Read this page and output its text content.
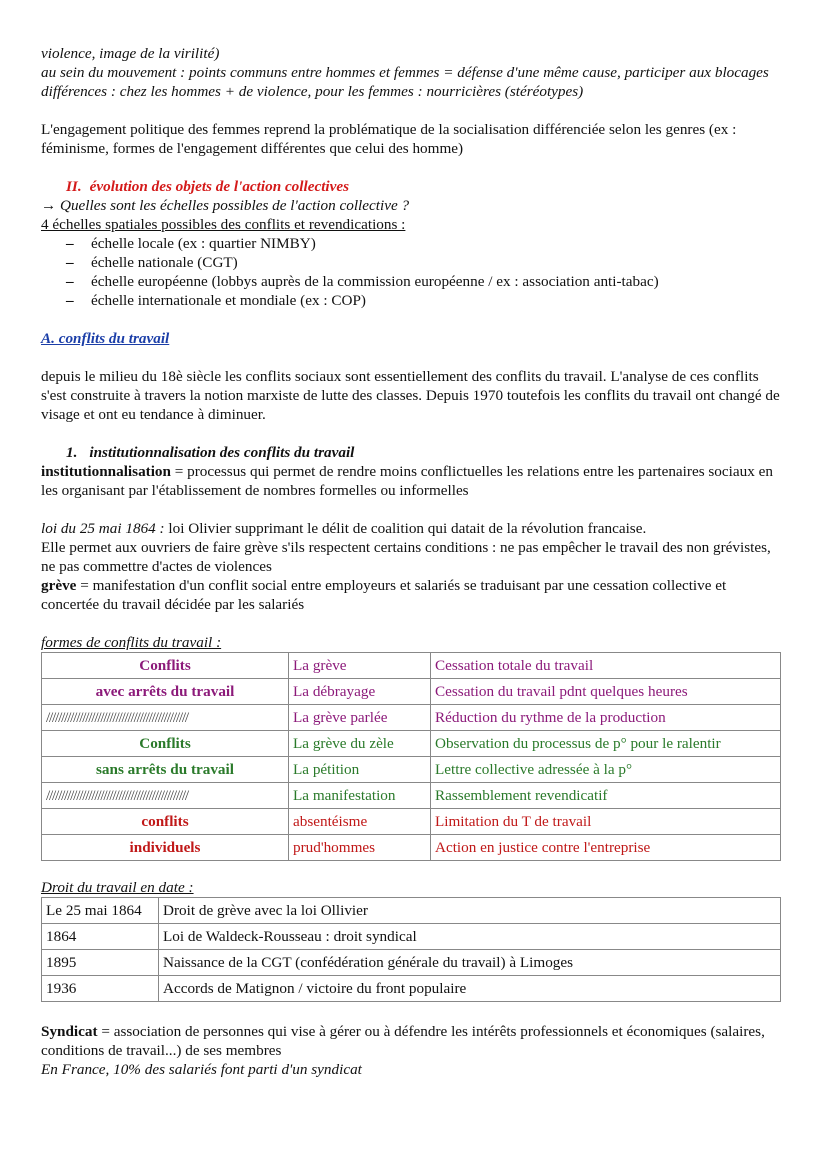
violence, image de la virilité)

au sein du mouvement : points communs entre hommes et femmes = défense d'une même cause, participer aux blocages

différences : chez les hommes + de violence, pour les femmes : nourricières (stéréotypes)

L'engagement politique des femmes reprend la problématique de la socialisation différenciée selon les genres (ex : féminisme, formes de l'engagement différentes que celui des homme)

II. évolution des objets de l'action collectives

→ Quelles sont les échelles possibles de l'action collective ?

4 échelles spatiales possibles des conflits et revendications :

– échelle locale (ex : quartier NIMBY)
– échelle nationale (CGT)
– échelle européenne (lobbys auprès de la commission européenne / ex : association anti-tabac)
– échelle internationale et mondiale (ex : COP)

A. conflits du travail

depuis le milieu du 18è siècle les conflits sociaux sont essentiellement des conflits du travail. L'analyse de ces conflits s'est construite à travers la notion marxiste de lutte des classes. Depuis 1970 toutefois les conflits du travail ont changé de visage et ont eu tendance à diminuer.

1. institutionnalisation des conflits du travail

institutionnalisation = processus qui permet de rendre moins conflictuelles les relations entre les partenaires sociaux en les organisant par l'établissement de nombres formelles ou informelles

loi du 25 mai 1864 : loi Olivier supprimant le délit de coalition qui datait de la révolution francaise.

Elle permet aux ouvriers de faire grève s'ils respectent certains conditions : ne pas empêcher le travail des non grévistes, ne pas commettre d'actes de violences

grève = manifestation d'un conflit social entre employeurs et salariés se traduisant par une cessation collective et concertée du travail décidée par les salariés

formes de conflits du travail :

Conflits	La grève	Cessation totale du travail
avec arrêts du travail	La débrayage	Cessation du travail pdnt quelques heures
///////////////////////////////////////////////	La grève parlée	Réduction du rythme de la production
Conflits	La grève du zèle	Observation du processus de p° pour le ralentir
sans arrêts du travail	La pétition	Lettre collective adressée à la p°
///////////////////////////////////////////////	La manifestation	Rassemblement revendicatif
conflits	absentéisme	Limitation du T de travail
individuels	prud'hommes	Action en justice contre l'entreprise

Droit du travail en date :

Le 25 mai 1864	Droit de grève avec la loi Ollivier
1864	Loi de Waldeck-Rousseau : droit syndical
1895	Naissance de la CGT (confédération générale du travail) à Limoges
1936	Accords de Matignon / victoire du front populaire

Syndicat = association de personnes qui vise à gérer ou à défendre les intérêts professionnels et économiques (salaires, conditions de travail...) de ses membres

En France, 10% des salariés font parti d'un syndicat
